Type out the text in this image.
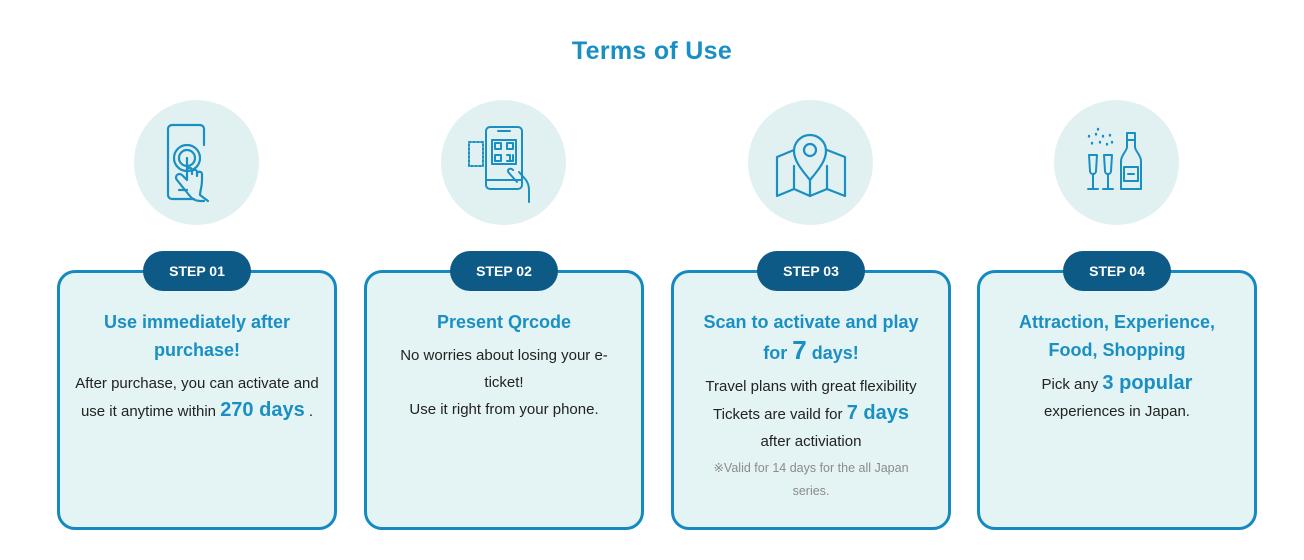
Terms of Use
STEP 01
Use immediately after purchase!
After purchase, you can activate and use it anytime within 270 days .
STEP 02
Present Qrcode
No worries about losing your e-ticket!
Use it right from your phone.
STEP 03
Scan to activate and play for 7 days!
Travel plans with great flexibility
Tickets are vaild for 7 days
after activiation
※Valid for 14 days for the all Japan series.
STEP 04
Attraction, Experience, Food, Shopping
Pick any 3 popular experiences in Japan.
